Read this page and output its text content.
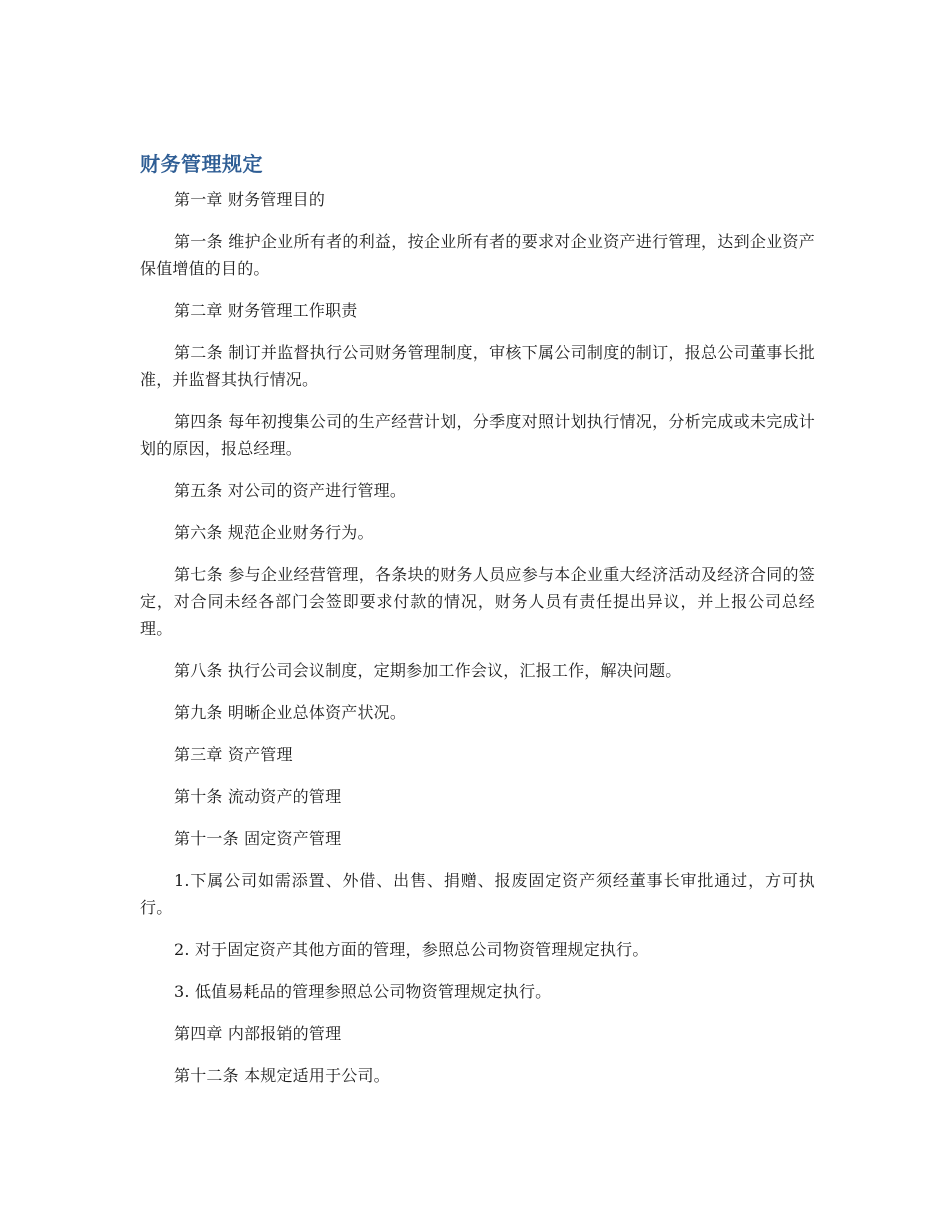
财务管理规定

第一章 财务管理目的

第一条 维护企业所有者的利益，按企业所有者的要求对企业资产进行管理，达到企业资产保值增值的目的。

第二章 财务管理工作职责

第二条 制订并监督执行公司财务管理制度，审核下属公司制度的制订，报总公司董事长批准，并监督其执行情况。

第四条 每年初搜集公司的生产经营计划，分季度对照计划执行情况，分析完成或未完成计划的原因，报总经理。

第五条 对公司的资产进行管理。

第六条 规范企业财务行为。

第七条 参与企业经营管理，各条块的财务人员应参与本企业重大经济活动及经济合同的签定，对合同未经各部门会签即要求付款的情况，财务人员有责任提出异议，并上报公司总经理。

第八条 执行公司会议制度，定期参加工作会议，汇报工作，解决问题。

第九条 明晰企业总体资产状况。

第三章 资产管理

第十条 流动资产的管理

第十一条 固定资产管理

1.下属公司如需添置、外借、出售、捐赠、报废固定资产须经董事长审批通过，方可执行。

2. 对于固定资产其他方面的管理，参照总公司物资管理规定执行。

3. 低值易耗品的管理参照总公司物资管理规定执行。

第四章 内部报销的管理

第十二条 本规定适用于公司。
